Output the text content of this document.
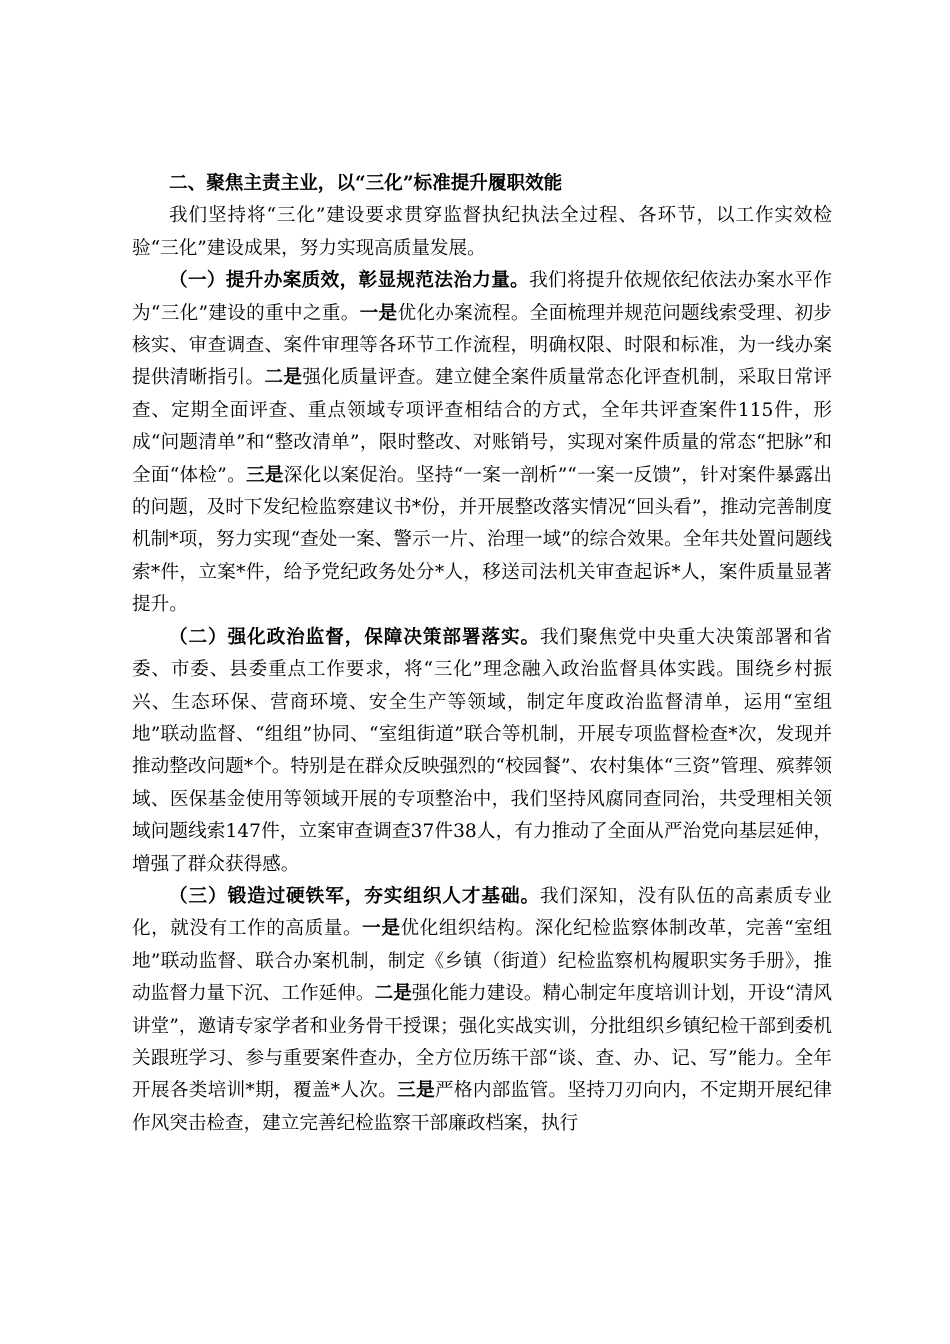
二、聚焦主责主业，以“三化”标准提升履职效能

我们坚持将“三化”建设要求贯穿监督执纪执法全过程、各环节，以工作实效检验“三化”建设成果，努力实现高质量发展。

（一）提升办案质效，彰显规范法治力量。我们将提升依规依纪依法办案水平作为“三化”建设的重中之重。一是优化办案流程。全面梳理并规范问题线索受理、初步核实、审查调查、案件审理等各环节工作流程，明确权限、时限和标准，为一线办案提供清晰指引。二是强化质量评查。建立健全案件质量常态化评查机制，采取日常评查、定期全面评查、重点领域专项评查相结合的方式，全年共评查案件115件，形成“问题清单”和“整改清单”，限时整改、对账销号，实现对案件质量的常态“把脉”和全面“体检”。三是深化以案促治。坚持“一案一剖析”“一案一反馈”，针对案件暴露出的问题，及时下发纪检监察建议书*份，并开展整改落实情况“回头看”，推动完善制度机制*项，努力实现“查处一案、警示一片、治理一域”的综合效果。全年共处置问题线索*件，立案*件，给予党纪政务处分*人，移送司法机关审查起诉*人，案件质量显著提升。

（二）强化政治监督，保障决策部署落实。我们聚焦党中央重大决策部署和省委、市委、县委重点工作要求，将“三化”理念融入政治监督具体实践。围绕乡村振兴、生态环保、营商环境、安全生产等领域，制定年度政治监督清单，运用“室组地”联动监督、“组组”协同、“室组街道”联合等机制，开展专项监督检查*次，发现并推动整改问题*个。特别是在群众反映强烈的“校园餐”、农村集体“三资”管理、殡葬领域、医保基金使用等领域开展的专项整治中，我们坚持风腐同查同治，共受理相关领域问题线索147件，立案审查调查37件38人，有力推动了全面从严治党向基层延伸，增强了群众获得感。

（三）锻造过硬铁军，夯实组织人才基础。我们深知，没有队伍的高素质专业化，就没有工作的高质量。一是优化组织结构。深化纪检监察体制改革，完善“室组地”联动监督、联合办案机制，制定《乡镇（街道）纪检监察机构履职实务手册》，推动监督力量下沉、工作延伸。二是强化能力建设。精心制定年度培训计划，开设“清风讲堂”，邀请专家学者和业务骨干授课；强化实战实训，分批组织乡镇纪检干部到委机关跟班学习、参与重要案件查办，全方位历练干部“谈、查、办、记、写”能力。全年开展各类培训*期，覆盖*人次。三是严格内部监管。坚持刀刃向内，不定期开展纪律作风突击检查，建立完善纪检监察干部廉政档案，执行
